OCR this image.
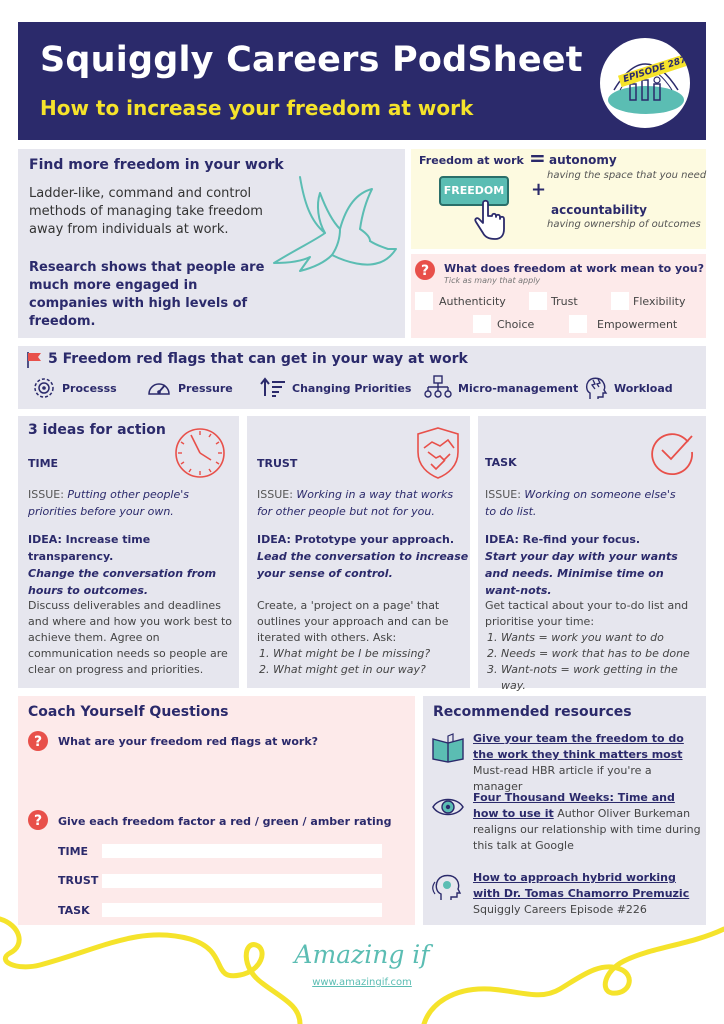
Squiggly Careers PodSheet
How to increase your freedom at work
EPISODE 287
Find more freedom in your work
Ladder-like, command and control methods of managing take freedom away from individuals at work.
Research shows that people are much more engaged in companies with high levels of freedom.
Freedom at work = autonomy
having the space that you need
FREEDOM +
accountability
having ownership of outcomes
? What does freedom at work mean to you?
Tick as many that apply
Authenticity	Trust	Flexibility
Choice	Empowerment
5 Freedom red flags that can get in your way at work
Processs	Pressure	Changing Priorities	Micro-management	Workload
3 ideas for action
TIME
ISSUE: Putting other people's priorities before your own.
IDEA: Increase time transparency.
Change the conversation from hours to outcomes.
Discuss deliverables and deadlines and where and how you work best to achieve them. Agree on communication needs so people are clear on progress and priorities.
TRUST
ISSUE: Working in a way that works for other people but not for you.
IDEA: Prototype your approach.
Lead the conversation to increase your sense of control.
Create, a 'project on a page' that outlines your approach and can be iterated with others. Ask:
1. What might be I be missing?
2. What might get in our way?
TASK
ISSUE: Working on someone else's to do list.
IDEA: Re-find your focus.
Start your day with your wants and needs. Minimise time on want-nots.
Get tactical about your to-do list and prioritise your time:
1. Wants = work you want to do
2. Needs = work that has to be done
3. Want-nots = work getting in the way.
Coach Yourself Questions
? What are your freedom red flags at work?
? Give each freedom factor a red / green / amber rating
TIME
TRUST
TASK
Recommended resources
Give your team the freedom to do the work they think matters most Must-read HBR article if you're a manager
Four Thousand Weeks: Time and how to use it Author Oliver Burkeman realigns our relationship with time during this talk at Google
How to approach hybrid working with Dr. Tomas Chamorro Premuzic Squiggly Careers Episode #226
Amazing if
www.amazingif.com
